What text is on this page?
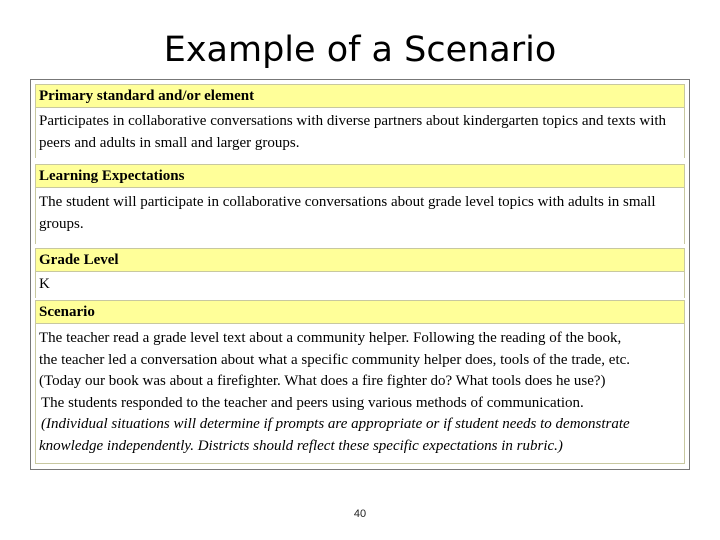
Example of a Scenario
Primary standard and/or element
Participates in collaborative conversations with diverse partners about kindergarten topics and texts with peers and adults in small and larger groups.
Learning Expectations
The student will participate in collaborative conversations about grade level topics with adults in small groups.
Grade Level
K
Scenario
The teacher read a grade level text about a community helper. Following the reading of the book,
the teacher led a conversation about what a specific community helper does, tools of the trade, etc.
(Today our book was about a firefighter. What does a fire fighter do? What tools does he use?)
The students responded to the teacher and peers using various methods of communication.
(Individual situations will determine if prompts are appropriate or if student needs to demonstrate
knowledge independently. Districts should reflect these specific expectations in rubric.)
40
